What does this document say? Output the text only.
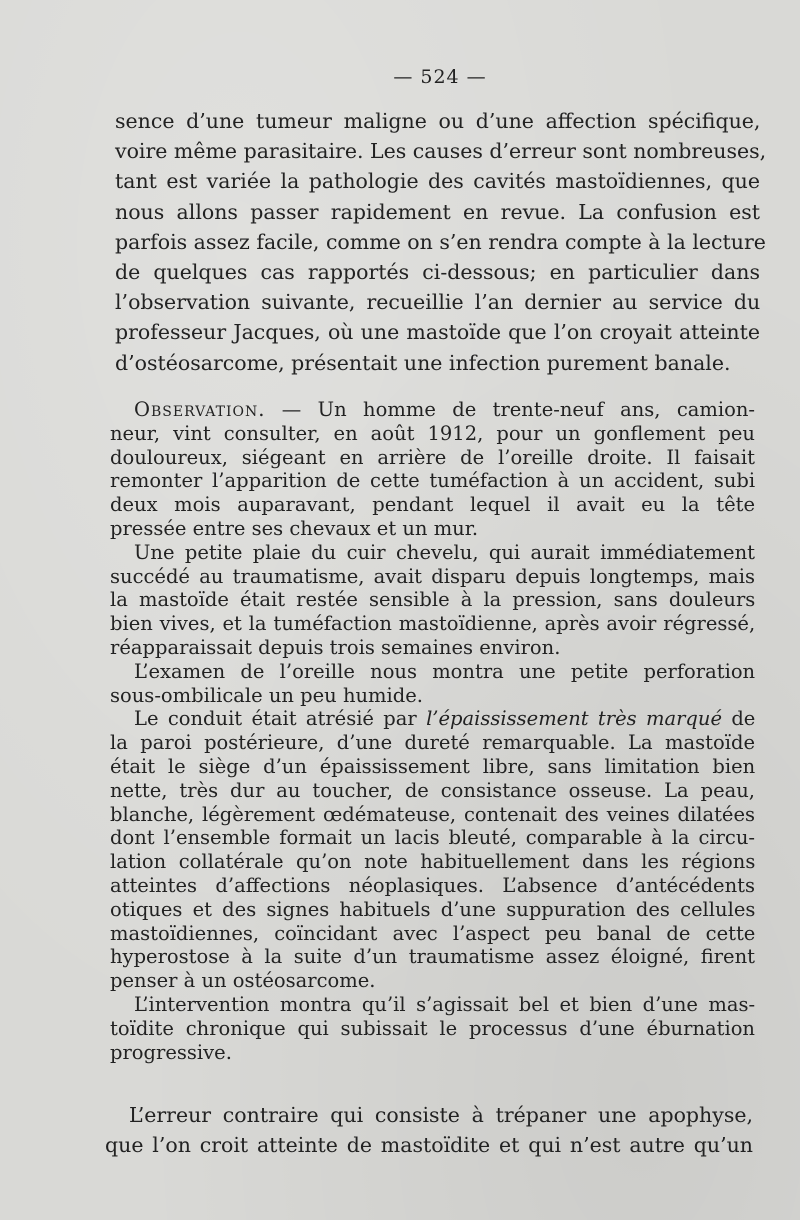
— 524 —
sence d’une tumeur maligne ou d’une affection spécifique,
voire même parasitaire. Les causes d’erreur sont nombreuses,
tant est variée la pathologie des cavités mastoïdiennes, que
nous allons passer rapidement en revue. La confusion est
parfois assez facile, comme on s’en rendra compte à la lecture
de quelques cas rapportés ci-dessous; en particulier dans
l’observation suivante, recueillie l’an dernier au service du
professeur Jacques, où une mastoïde que l’on croyait atteinte
d’ostéosarcome, présentait une infection purement banale.
Observation. — Un homme de trente-neuf ans, camion-
neur, vint consulter, en août 1912, pour un gonflement peu
douloureux, siégeant en arrière de l’oreille droite. Il faisait
remonter l’apparition de cette tuméfaction à un accident, subi
deux mois auparavant, pendant lequel il avait eu la tête
pressée entre ses chevaux et un mur.
Une petite plaie du cuir chevelu, qui aurait immédiatement
succédé au traumatisme, avait disparu depuis longtemps, mais
la mastoïde était restée sensible à la pression, sans douleurs
bien vives, et la tuméfaction mastoïdienne, après avoir régressé,
réapparaissait depuis trois semaines environ.
L’examen de l’oreille nous montra une petite perforation
sous-ombilicale un peu humide.
Le conduit était atrésié par l’épaississement très marqué de
la paroi postérieure, d’une dureté remarquable. La mastoïde
était le siège d’un épaississement libre, sans limitation bien
nette, très dur au toucher, de consistance osseuse. La peau,
blanche, légèrement œdémateuse, contenait des veines dilatées
dont l’ensemble formait un lacis bleuté, comparable à la circu-
lation collatérale qu’on note habituellement dans les régions
atteintes d’affections néoplasiques. L’absence d’antécédents
otiques et des signes habituels d’une suppuration des cellules
mastoïdiennes, coïncidant avec l’aspect peu banal de cette
hyperostose à la suite d’un traumatisme assez éloigné, firent
penser à un ostéosarcome.
L’intervention montra qu’il s’agissait bel et bien d’une mas-
toïdite chronique qui subissait le processus d’une éburnation
progressive.
L’erreur contraire qui consiste à trépaner une apophyse,
que l’on croit atteinte de mastoïdite et qui n’est autre qu’un
